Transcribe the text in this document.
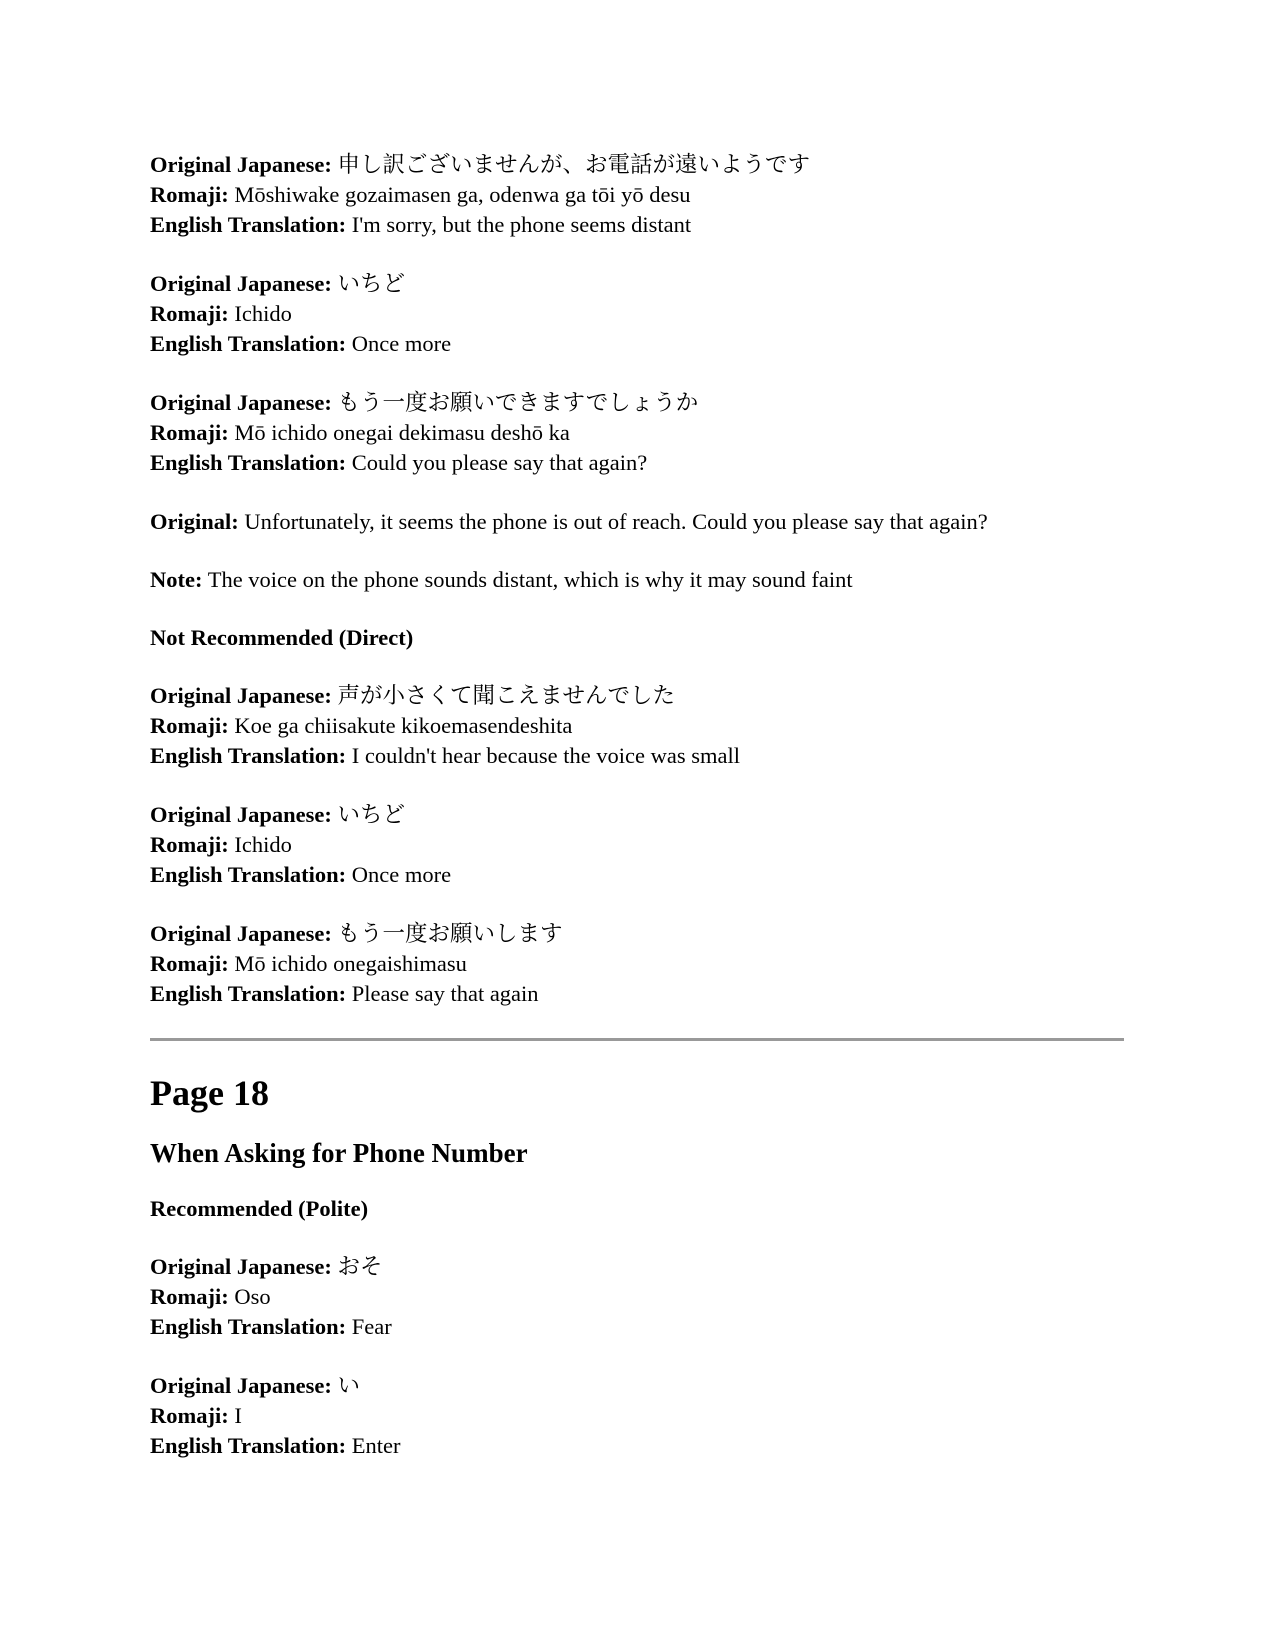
Original Japanese: 申し訳ございませんが、お電話が遠いようです
Romaji: Mōshiwake gozaimasen ga, odenwa ga tōi yō desu
English Translation: I'm sorry, but the phone seems distant
Original Japanese: いちど
Romaji: Ichido
English Translation: Once more
Original Japanese: もう一度お願いできますでしょうか
Romaji: Mō ichido onegai dekimasu deshō ka
English Translation: Could you please say that again?
Original: Unfortunately, it seems the phone is out of reach. Could you please say that again?
Note: The voice on the phone sounds distant, which is why it may sound faint
Not Recommended (Direct)
Original Japanese: 声が小さくて聞こえませんでした
Romaji: Koe ga chiisakute kikoemasendeshita
English Translation: I couldn't hear because the voice was small
Original Japanese: いちど
Romaji: Ichido
English Translation: Once more
Original Japanese: もう一度お願いします
Romaji: Mō ichido onegaishimasu
English Translation: Please say that again
Page 18
When Asking for Phone Number
Recommended (Polite)
Original Japanese: おそ
Romaji: Oso
English Translation: Fear
Original Japanese: い
Romaji: I
English Translation: Enter
